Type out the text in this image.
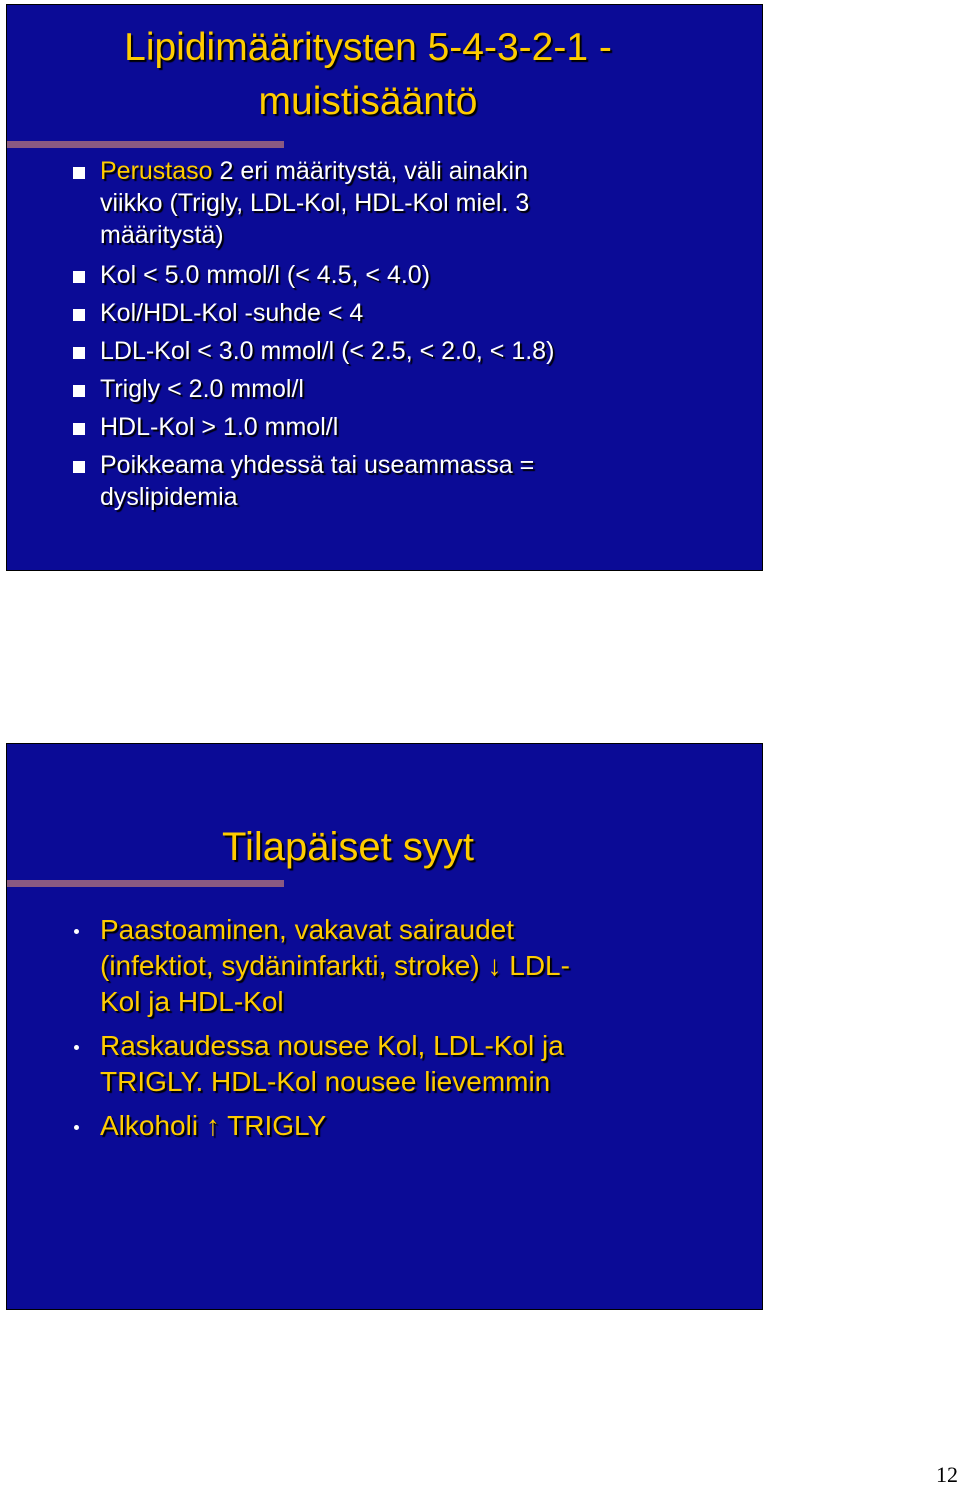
Lipidimääritysten 5-4-3-2-1 -
muistisääntö
Perustaso 2 eri määritystä, väli ainakin
viikko (Trigly, LDL-Kol, HDL-Kol miel. 3
määritystä)
Kol < 5.0 mmol/l (< 4.5, < 4.0)
Kol/HDL-Kol -suhde < 4
LDL-Kol < 3.0 mmol/l (< 2.5, < 2.0, < 1.8)
Trigly < 2.0 mmol/l
HDL-Kol > 1.0 mmol/l
Poikkeama yhdessä tai useammassa =
dyslipidemia
Tilapäiset syyt
Paastoaminen, vakavat sairaudet
(infektiot, sydäninfarkti, stroke) ↓ LDL-
Kol ja HDL-Kol
Raskaudessa nousee Kol, LDL-Kol ja
TRIGLY. HDL-Kol nousee lievemmin
Alkoholi ↑ TRIGLY
12
